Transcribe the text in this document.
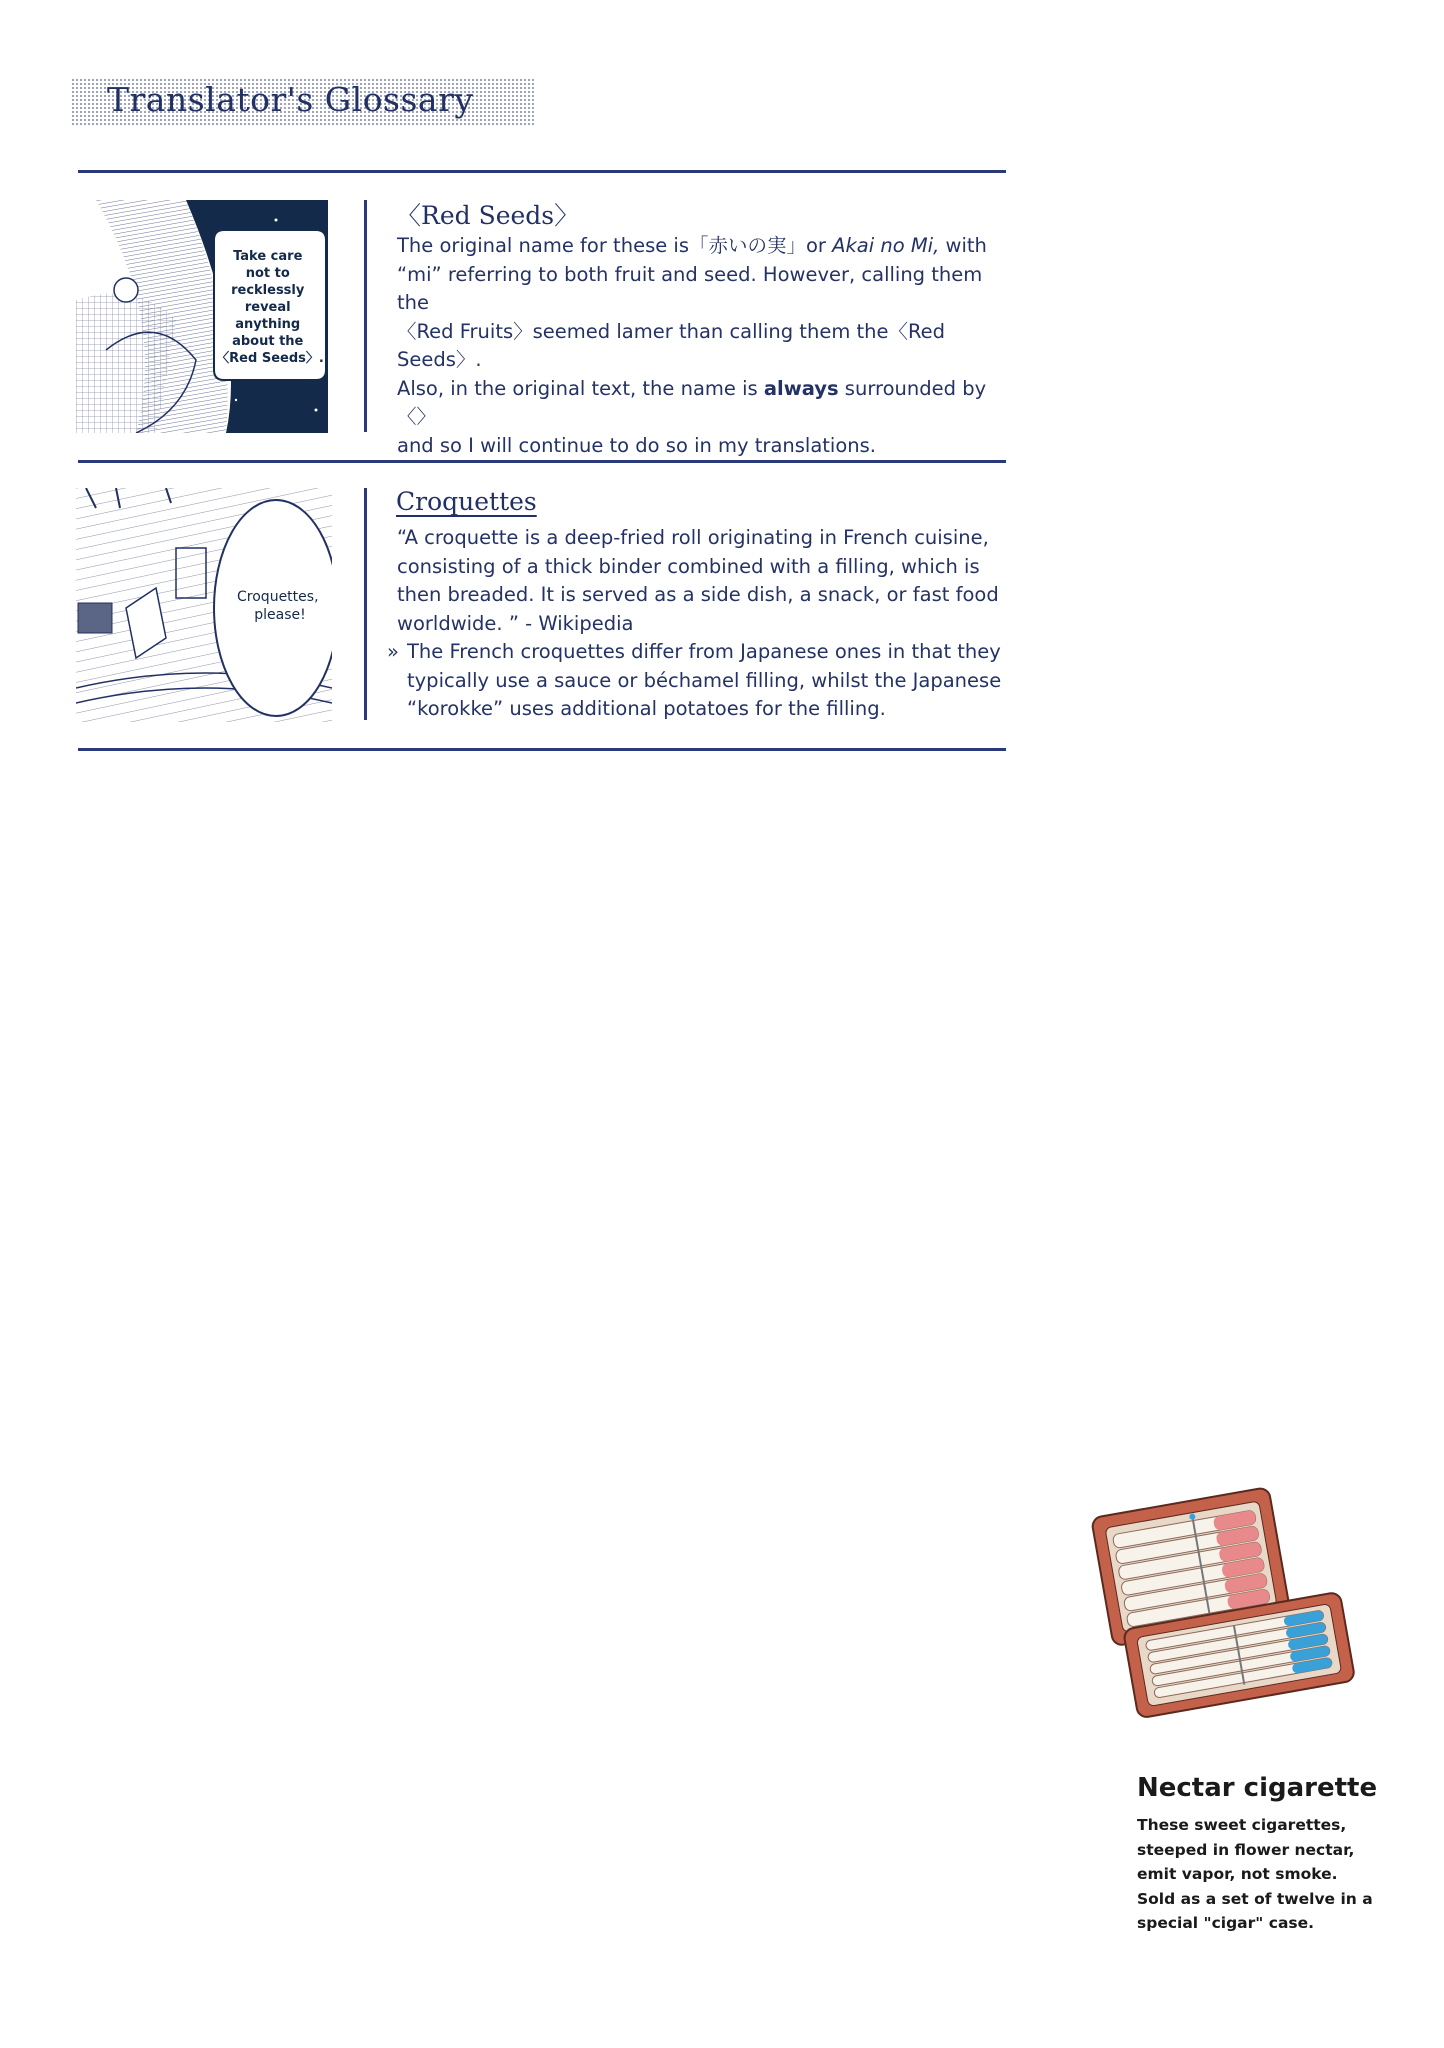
Translator's Glossary
Take care not to recklessly reveal anything about the 〈Red Seeds〉.
〈Red Seeds〉

The original name for these is「赤いの実」or Akai no Mi, with

“mi” referring to both fruit and seed. However, calling them the

〈Red Fruits〉seemed lamer than calling them the〈Red Seeds〉.

Also, in the original text, the name is always surrounded by〈〉

and so I will continue to do so in my translations.

Croquettes, please!
Croquettes

“A croquette is a deep-fried roll originating in French cuisine,

consisting of a thick binder combined with a filling, which is

then breaded. It is served as a side dish, a snack, or fast food

worldwide. ” - Wikipedia

» The French croquettes differ from Japanese ones in that they

typically use a sauce or béchamel filling, whilst the Japanese

“korokke” uses additional potatoes for the filling.

Nectar cigarette

These sweet cigarettes,

steeped in flower nectar,

emit vapor, not smoke.

Sold as a set of twelve in a

special "cigar" case.
